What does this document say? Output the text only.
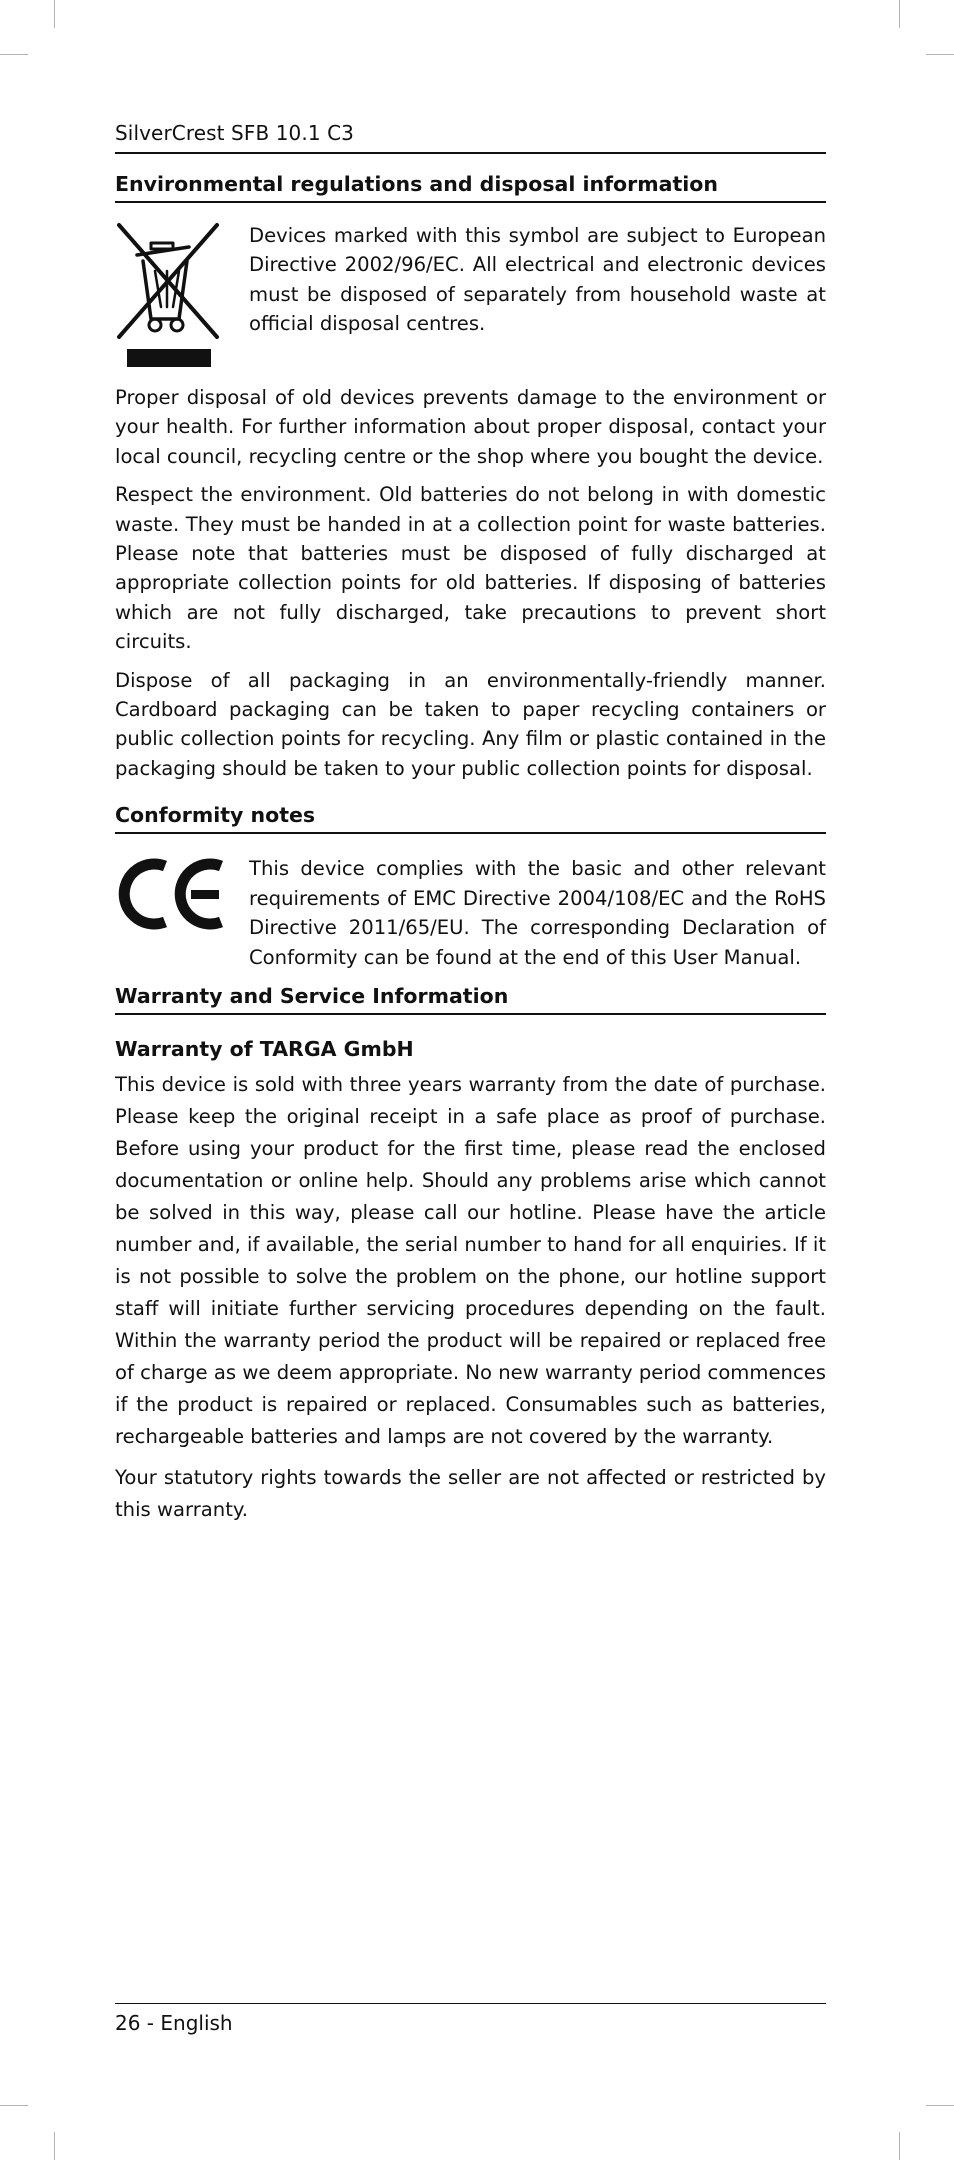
SilverCrest SFB 10.1 C3
Environmental regulations and disposal information

Devices marked with this symbol are subject to European Directive 2002/96/EC. All electrical and electronic devices must be disposed of separately from household waste at official disposal centres.

Proper disposal of old devices prevents damage to the environment or your health. For further information about proper disposal, contact your local council, recycling centre or the shop where you bought the device.

Respect the environment. Old batteries do not belong in with domestic waste. They must be handed in at a collection point for waste batteries. Please note that batteries must be disposed of fully discharged at appropriate collection points for old batteries. If disposing of batteries which are not fully discharged, take precautions to prevent short circuits.

Dispose of all packaging in an environmentally-friendly manner. Cardboard packaging can be taken to paper recycling containers or public collection points for recycling. Any film or plastic contained in the packaging should be taken to your public collection points for disposal.

Conformity notes

This device complies with the basic and other relevant requirements of EMC Directive 2004/108/EC and the RoHS Directive 2011/65/EU. The corresponding Declaration of Conformity can be found at the end of this User Manual.

Warranty and Service Information
Warranty of TARGA GmbH

This device is sold with three years warranty from the date of purchase. Please keep the original receipt in a safe place as proof of purchase. Before using your product for the first time, please read the enclosed documentation or online help. Should any problems arise which cannot be solved in this way, please call our hotline. Please have the article number and, if available, the serial number to hand for all enquiries. If it is not possible to solve the problem on the phone, our hotline support staff will initiate further servicing procedures depending on the fault. Within the warranty period the product will be repaired or replaced free of charge as we deem appropriate. No new warranty period commences if the product is repaired or replaced. Consumables such as batteries, rechargeable batteries and lamps are not covered by the warranty.

Your statutory rights towards the seller are not affected or restricted by this warranty.

26 - English
